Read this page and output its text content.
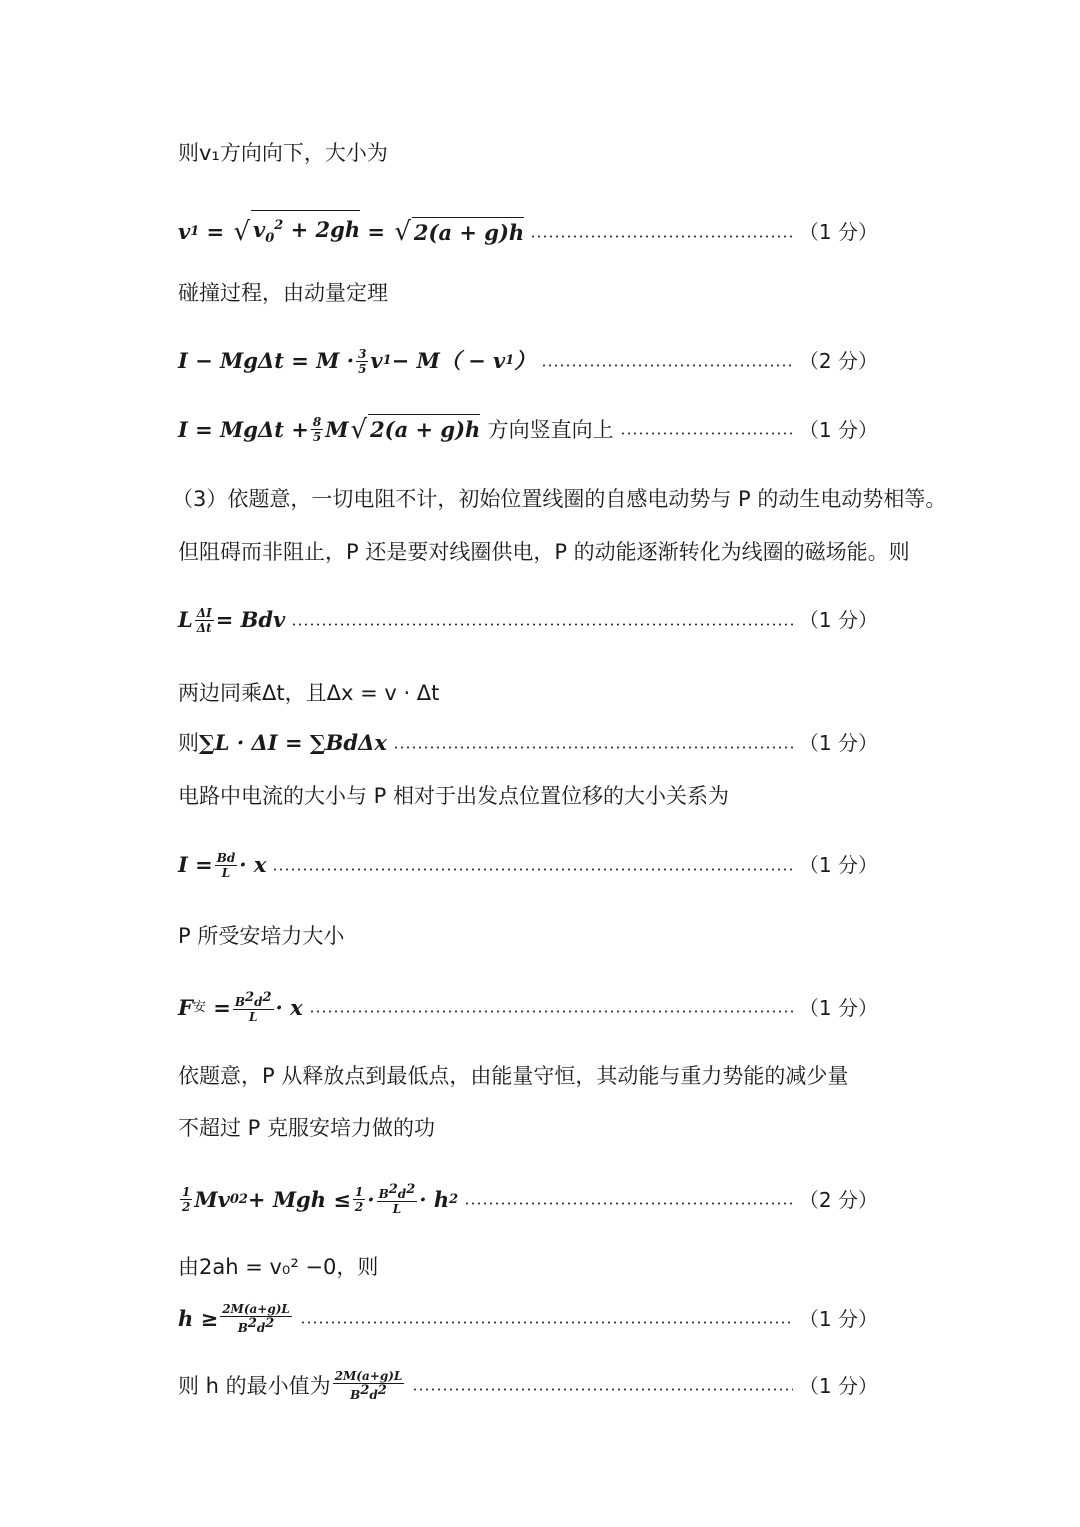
则v₁方向向下，大小为
v 1 = √ $v_0^2 + 2gh$ = √ 2(a + g)h	（1 分）
碰撞过程，由动量定理
$I - Mg\Delta t = M \cdot \frac{3}{5}$ v 1 − M（ − v 1 ）	（2 分）
$I = Mg\Delta t + \frac{8}{5}$ M √ 2(a + g)h
方向竖直向上	（1 分）
（3）依题意，一切电阻不计，初始位置线圈的自感电动势与 P 的动生电动势相等。
但阻碍而非阻止，P 还是要对线圈供电，P 的动能逐渐转化为线圈的磁场能。则
L $\frac{\Delta I}{\Delta t}$ = Bdv	（1 分）
两边同乘Δt，且Δx = v · Δt
则 ∑L · ΔI = ∑BdΔx	（1 分）
电路中电流的大小与 P 相对于出发点位置位移的大小关系为
$I = \frac{Bd}{L} \cdot x$	（1 分）
P 所受安培力大小
F 安 = $\frac{B^2d^2}{L} \cdot x$	（1 分）
依题意，P 从释放点到最低点，由能量守恒，其动能与重力势能的减少量
不超过 P 克服安培力做的功
$\frac{1}{2}$ Mv 0 2 + Mgh ≤ $\frac{1}{2} \cdot \frac{B^2d^2}{L} \cdot h$ 2	（2 分）
由2ah = v₀² −0，则
$h \ge \frac{2M(a+g)L}{B^2d^2}$	（1 分）
则 h 的最小值为 $\frac{2M(a+g)L}{B^2d^2}$	（1 分）
